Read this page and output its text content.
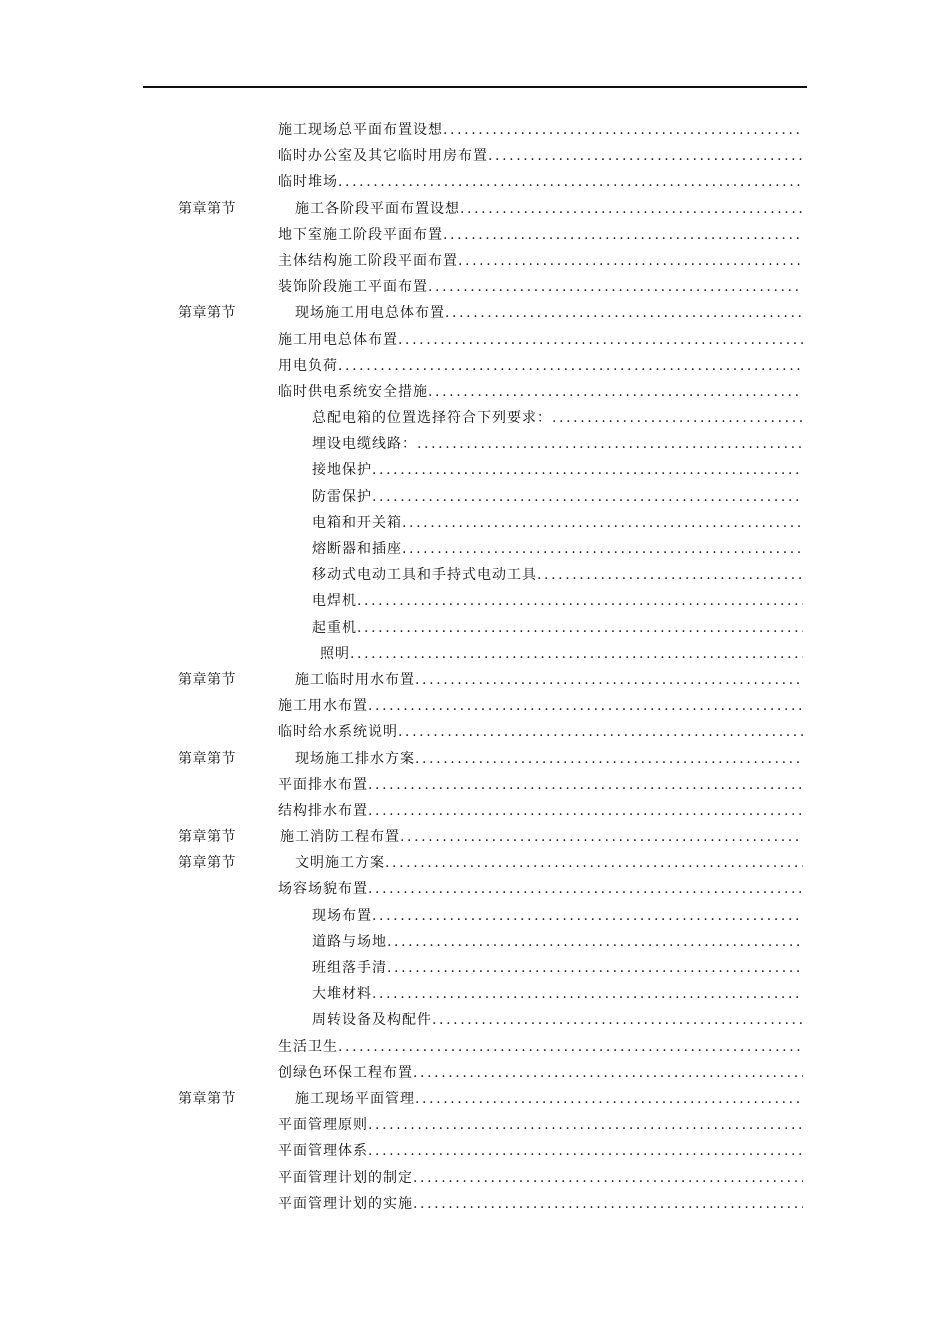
施工现场总平面布置设想
.....
临时办公室及其它临时用房布置
.....
临时堆场
.....
第章第节	施工各阶段平面布置设想
.....
地下室施工阶段平面布置
.....
主体结构施工阶段平面布置
.....
装饰阶段施工平面布置
.....
第章第节	现场施工用电总体布置
.....
施工用电总体布置
.....
用电负荷
.....
临时供电系统安全措施
.....
总配电箱的位置选择符合下列要求：
.....
埋设电缆线路：
.....
接地保护
.....
防雷保护
.....
电箱和开关箱
.....
熔断器和插座
.....
移动式电动工具和手持式电动工具
.....
电焊机
.....
起重机
.....
照明
.....
第章第节	施工临时用水布置
.....
施工用水布置
.....
临时给水系统说明
.....
第章第节	现场施工排水方案
.....
平面排水布置
.....
结构排水布置
.....
第章第节	施工消防工程布置
.....
第章第节	文明施工方案
.....
场容场貌布置
.....
现场布置
.....
道路与场地
.....
班组落手清
.....
大堆材料
.....
周转设备及构配件
.....
生活卫生
.....
创绿色环保工程布置
.....
第章第节	施工现场平面管理
.....
平面管理原则
.....
平面管理体系
.....
平面管理计划的制定
.....
平面管理计划的实施
.....
